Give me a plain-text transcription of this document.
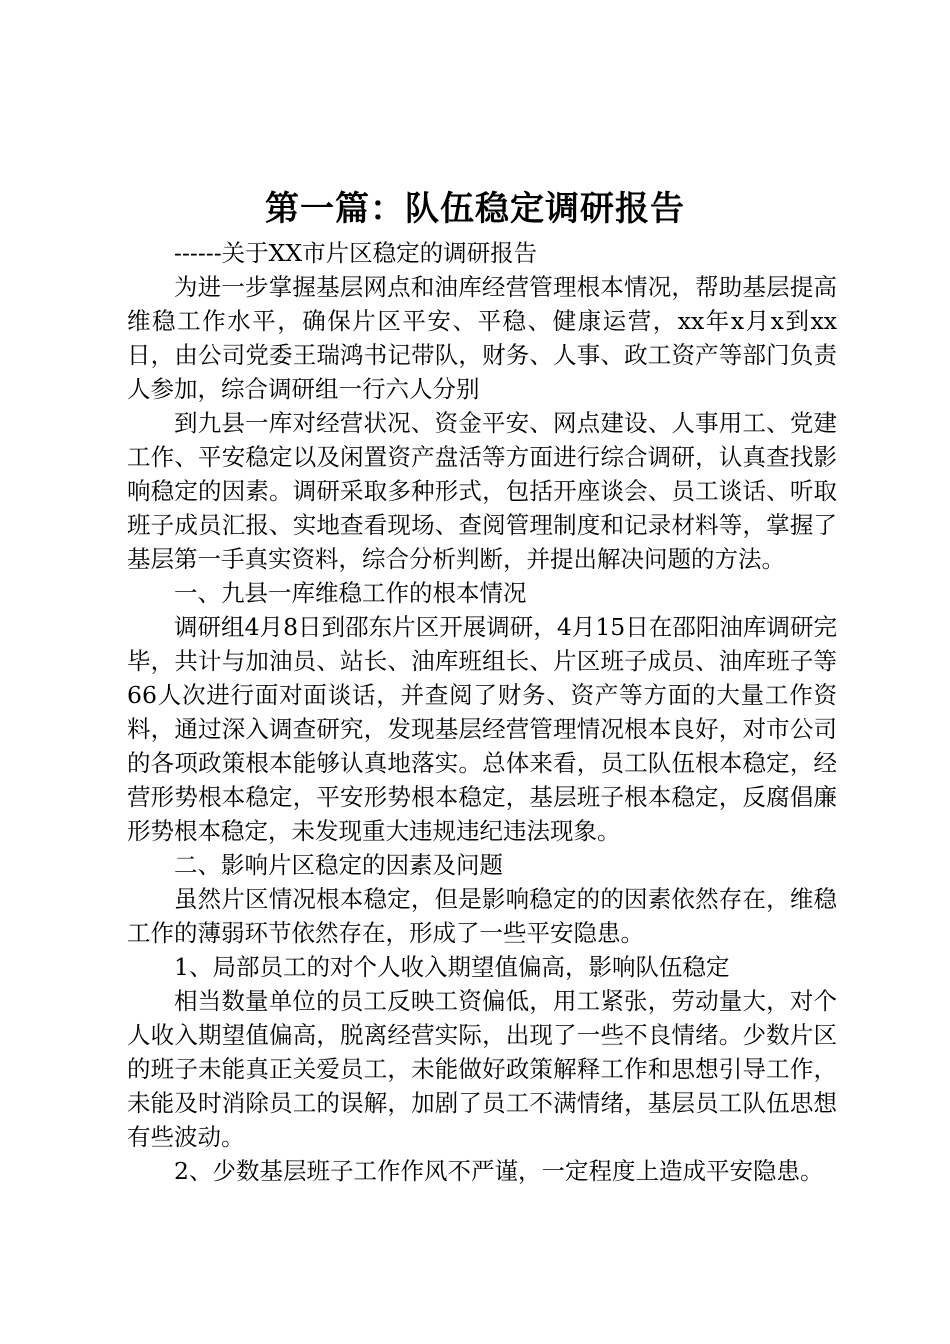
第一篇：队伍稳定调研报告

------关于XX市片区稳定的调研报告

为进一步掌握基层网点和油库经营管理根本情况，帮助基层提高维稳工作水平，确保片区平安、平稳、健康运营，xx年x月x到xx日，由公司党委王瑞鸿书记带队，财务、人事、政工资产等部门负责人参加，综合调研组一行六人分别

到九县一库对经营状况、资金平安、网点建设、人事用工、党建工作、平安稳定以及闲置资产盘活等方面进行综合调研，认真查找影响稳定的因素。调研采取多种形式，包括开座谈会、员工谈话、听取班子成员汇报、实地查看现场、查阅管理制度和记录材料等，掌握了基层第一手真实资料，综合分析判断，并提出解决问题的方法。

一、九县一库维稳工作的根本情况

调研组4月8日到邵东片区开展调研，4月15日在邵阳油库调研完毕，共计与加油员、站长、油库班组长、片区班子成员、油库班子等66人次进行面对面谈话，并查阅了财务、资产等方面的大量工作资料，通过深入调查研究，发现基层经营管理情况根本良好，对市公司的各项政策根本能够认真地落实。总体来看，员工队伍根本稳定，经营形势根本稳定，平安形势根本稳定，基层班子根本稳定，反腐倡廉形势根本稳定，未发现重大违规违纪违法现象。

二、影响片区稳定的因素及问题

虽然片区情况根本稳定，但是影响稳定的的因素依然存在，维稳工作的薄弱环节依然存在，形成了一些平安隐患。

1、局部员工的对个人收入期望值偏高，影响队伍稳定

相当数量单位的员工反映工资偏低，用工紧张，劳动量大，对个人收入期望值偏高，脱离经营实际，出现了一些不良情绪。少数片区的班子未能真正关爱员工，未能做好政策解释工作和思想引导工作，未能及时消除员工的误解，加剧了员工不满情绪，基层员工队伍思想有些波动。

2、少数基层班子工作作风不严谨，一定程度上造成平安隐患。
